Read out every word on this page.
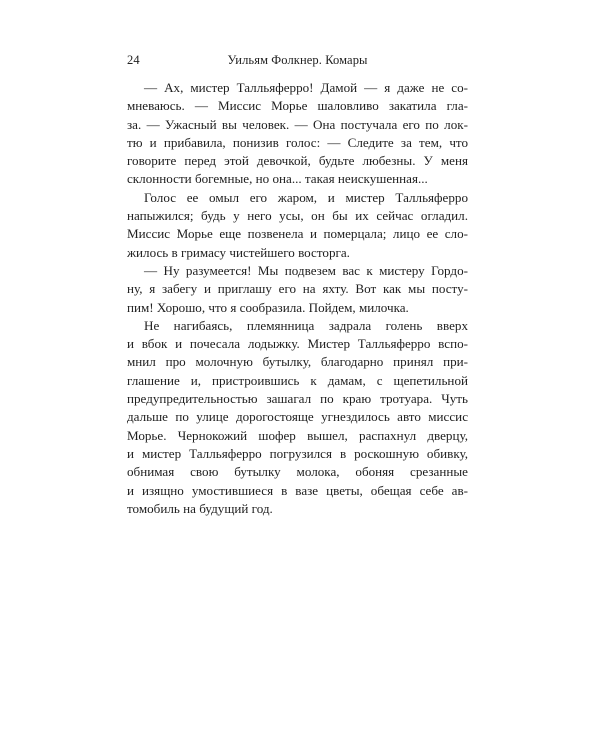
24	Уильям Фолкнер. Комары
— Ах, мистер Талльяферро! Дамой — я даже не со-
мневаюсь. — Миссис Морье шаловливо закатила гла-
за. — Ужасный вы человек. — Она постучала его по лок-
тю и прибавила, понизив голос: — Следите за тем, что
говорите перед этой девочкой, будьте любезны. У меня
склонности богемные, но она... такая неискушенная...
Голос ее омыл его жаром, и мистер Талльяферро
напыжился; будь у него усы, он бы их сейчас огладил.
Миссис Морье еще позвенела и померцала; лицо ее сло-
жилось в гримасу чистейшего восторга.
— Ну разумеется! Мы подвезем вас к мистеру Гордо-
ну, я забегу и приглашу его на яхту. Вот как мы посту-
пим! Хорошо, что я сообразила. Пойдем, милочка.
Не нагибаясь, племянница задрала голень вверх
и вбок и почесала лодыжку. Мистер Талльяферро вспо-
мнил про молочную бутылку, благодарно принял при-
глашение и, пристроившись к дамам, с щепетильной
предупредительностью зашагал по краю тротуара. Чуть
дальше по улице дорогостояще угнездилось авто миссис
Морье. Чернокожий шофер вышел, распахнул дверцу,
и мистер Талльяферро погрузился в роскошную обивку,
обнимая свою бутылку молока, обоняя срезанные
и изящно умостившиеся в вазе цветы, обещая себе ав-
томобиль на будущий год.
